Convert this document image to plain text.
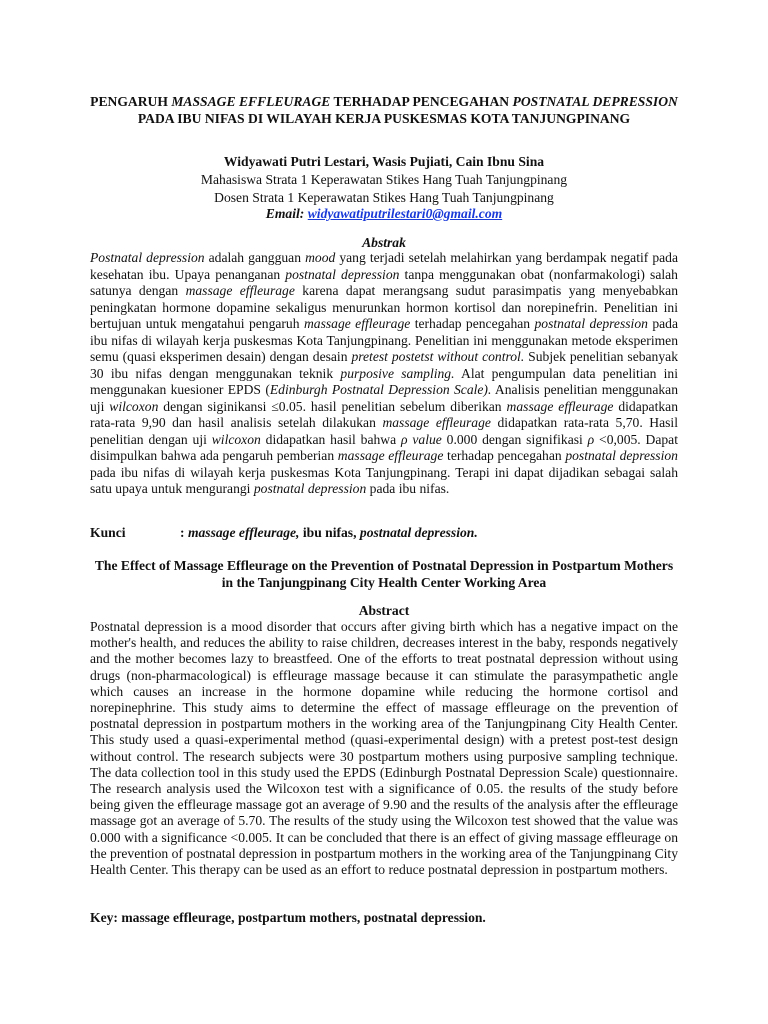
PENGARUH MASSAGE EFFLEURAGE TERHADAP PENCEGAHAN POSTNATAL DEPRESSION PADA IBU NIFAS DI WILAYAH KERJA PUSKESMAS KOTA TANJUNGPINANG
Widyawati Putri Lestari, Wasis Pujiati, Cain Ibnu Sina
Mahasiswa Strata 1 Keperawatan Stikes Hang Tuah Tanjungpinang
Dosen Strata 1 Keperawatan Stikes Hang Tuah Tanjungpinang
Email: widyawatiputrilestari0@gmail.com
Abstrak
Postnatal depression adalah gangguan mood yang terjadi setelah melahirkan yang berdampak negatif pada kesehatan ibu. Upaya penanganan postnatal depression tanpa menggunakan obat (nonfarmakologi) salah satunya dengan massage effleurage karena dapat merangsang sudut parasimpatis yang menyebabkan peningkatan hormone dopamine sekaligus menurunkan hormon kortisol dan norepinefrin. Penelitian ini bertujuan untuk mengatahui pengaruh massage effleurage terhadap pencegahan postnatal depression pada ibu nifas di wilayah kerja puskesmas Kota Tanjungpinang. Penelitian ini menggunakan metode eksperimen semu (quasi eksperimen desain) dengan desain pretest postetst without control. Subjek penelitian sebanyak 30 ibu nifas dengan menggunakan teknik purposive sampling. Alat pengumpulan data penelitian ini menggunakan kuesioner EPDS (Edinburgh Postnatal Depression Scale). Analisis penelitian menggunakan uji wilcoxon dengan siginikansi ≤0.05. hasil penelitian sebelum diberikan massage effleurage didapatkan rata-rata 9,90 dan hasil analisis setelah dilakukan massage effleurage didapatkan rata-rata 5,70. Hasil penelitian dengan uji wilcoxon didapatkan hasil bahwa ρ value 0.000 dengan signifikasi ρ <0,005. Dapat disimpulkan bahwa ada pengaruh pemberian massage effleurage terhadap pencegahan postnatal depression pada ibu nifas di wilayah kerja puskesmas Kota Tanjungpinang. Terapi ini dapat dijadikan sebagai salah satu upaya untuk mengurangi postnatal depression pada ibu nifas.
Kunci	: massage effleurage, ibu nifas, postnatal depression.
The Effect of Massage Effleurage on the Prevention of Postnatal Depression in Postpartum Mothers in the Tanjungpinang City Health Center Working Area
Abstract
Postnatal depression is a mood disorder that occurs after giving birth which has a negative impact on the mother's health, and reduces the ability to raise children, decreases interest in the baby, responds negatively and the mother becomes lazy to breastfeed. One of the efforts to treat postnatal depression without using drugs (non-pharmacological) is effleurage massage because it can stimulate the parasympathetic angle which causes an increase in the hormone dopamine while reducing the hormone cortisol and norepinephrine. This study aims to determine the effect of massage effleurage on the prevention of postnatal depression in postpartum mothers in the working area of the Tanjungpinang City Health Center. This study used a quasi-experimental method (quasi-experimental design) with a pretest post-test design without control. The research subjects were 30 postpartum mothers using purposive sampling technique. The data collection tool in this study used the EPDS (Edinburgh Postnatal Depression Scale) questionnaire. The research analysis used the Wilcoxon test with a significance of 0.05. the results of the study before being given the effleurage massage got an average of 9.90 and the results of the analysis after the effleurage massage got an average of 5.70. The results of the study using the Wilcoxon test showed that the value was 0.000 with a significance <0.005. It can be concluded that there is an effect of giving massage effleurage on the prevention of postnatal depression in postpartum mothers in the working area of the Tanjungpinang City Health Center. This therapy can be used as an effort to reduce postnatal depression in postpartum mothers.
Key: massage effleurage, postpartum mothers, postnatal depression.
